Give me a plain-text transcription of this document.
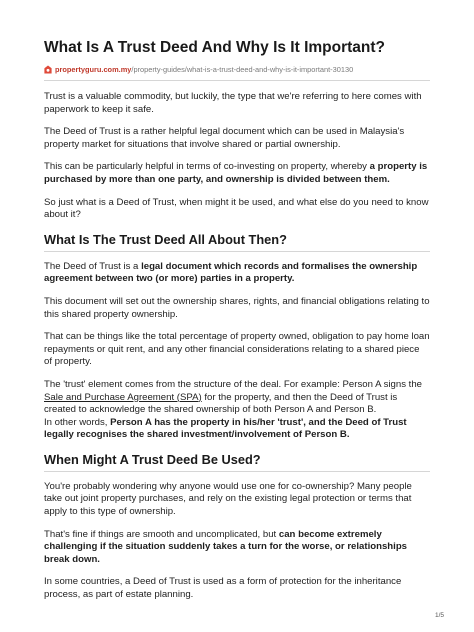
What Is A Trust Deed And Why Is It Important?
propertyguru.com.my /property-guides/what-is-a-trust-deed-and-why-is-it-important-30130

Trust is a valuable commodity, but luckily, the type that we're referring to here comes with paperwork to keep it safe.

The Deed of Trust is a rather helpful legal document which can be used in Malaysia's property market for situations that involve shared or partial ownership.

This can be particularly helpful in terms of co-investing on property, whereby a property is purchased by more than one party, and ownership is divided between them.

So just what is a Deed of Trust, when might it be used, and what else do you need to know about it?

What Is The Trust Deed All About Then?

The Deed of Trust is a legal document which records and formalises the ownership agreement between two (or more) parties in a property.

This document will set out the ownership shares, rights, and financial obligations relating to this shared property ownership.

That can be things like the total percentage of property owned, obligation to pay home loan repayments or quit rent, and any other financial considerations relating to a shared piece of property.

The 'trust' element comes from the structure of the deal. For example: Person A signs the Sale and Purchase Agreement (SPA) for the property, and then the Deed of Trust is created to acknowledge the shared ownership of both Person A and Person B.
In other words, Person A has the property in his/her 'trust', and the Deed of Trust legally recognises the shared investment/involvement of Person B.

When Might A Trust Deed Be Used?

You're probably wondering why anyone would use one for co-ownership? Many people take out joint property purchases, and rely on the existing legal protection or terms that apply to this type of ownership.

That's fine if things are smooth and uncomplicated, but can become extremely challenging if the situation suddenly takes a turn for the worse, or relationships break down.

In some countries, a Deed of Trust is used as a form of protection for the inheritance process, as part of estate planning.

1/5
